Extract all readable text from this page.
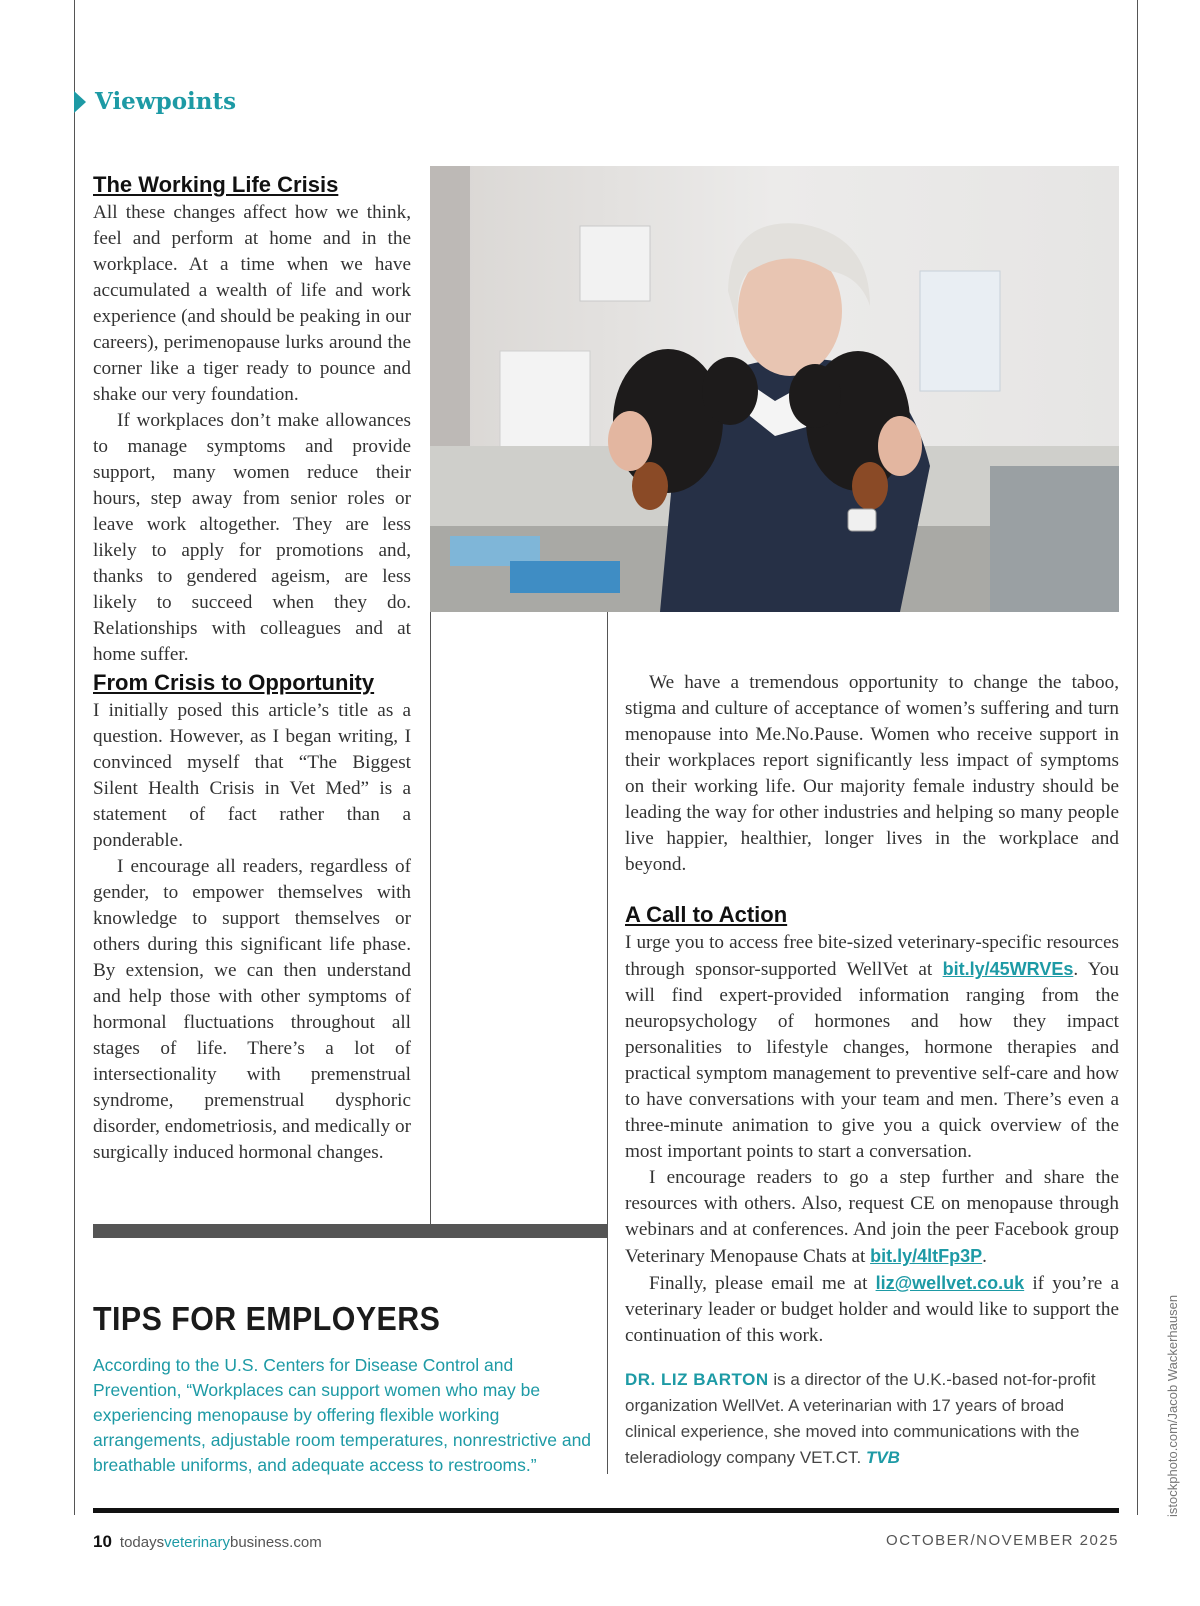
Viewpoints
The Working Life Crisis

All these changes affect how we think, feel and perform at home and in the workplace. At a time when we have accumulated a wealth of life and work experience (and should be peaking in our careers), perimenopause lurks around the corner like a tiger ready to pounce and shake our very foundation.

If workplaces don’t make allowances to manage symptoms and provide support, many women reduce their hours, step away from senior roles or leave work altogether. They are less likely to apply for promotions and, thanks to gendered ageism, are less likely to succeed when they do. Relationships with colleagues and at home suffer.

From Crisis to Opportunity

I initially posed this article’s title as a question. However, as I began writing, I convinced myself that “The Biggest Silent Health Crisis in Vet Med” is a statement of fact rather than a ponderable.

I encourage all readers, regardless of gender, to empower themselves with knowledge to support themselves or others during this significant life phase. By extension, we can then understand and help those with other symptoms of hormonal fluctuations throughout all stages of life. There’s a lot of intersectionality with premenstrual syndrome, premenstrual dysphoric disorder, endometriosis, and medically or surgically induced hormonal changes.

We have a tremendous opportunity to change the taboo, stigma and culture of acceptance of women’s suffering and turn menopause into Me.No.Pause. Women who receive support in their workplaces report significantly less impact of symptoms on their working life. Our majority female industry should be leading the way for other industries and helping so many people live happier, healthier, longer lives in the workplace and beyond.

A Call to Action

I urge you to access free bite-sized veterinary-specific resources through sponsor-supported WellVet at bit.ly/45WRVEs. You will find expert-provided information ranging from the neuropsychology of hormones and how they impact personalities to lifestyle changes, hormone therapies and practical symptom management to preventive self-care and how to have conversations with your team and men. There’s even a three-minute animation to give you a quick overview of the most important points to start a conversation.

I encourage readers to go a step further and share the resources with others. Also, request CE on menopause through webinars and at conferences. And join the peer Facebook group Veterinary Menopause Chats at bit.ly/4ltFp3P.

Finally, please email me at liz@wellvet.co.uk if you’re a veterinary leader or budget holder and would like to support the continuation of this work.

DR. LIZ BARTON is a director of the U.K.-based not-for-profit organization WellVet. A veterinarian with 17 years of broad clinical experience, she moved into communications with the teleradiology company VET.CT. TVB
TIPS FOR EMPLOYERS

According to the U.S. Centers for Disease Control and Prevention, “Workplaces can support women who may be experiencing menopause by offering flexible working arrangements, adjustable room temperatures, nonrestrictive and breathable uniforms, and adequate access to restrooms.”	istockphoto.com/Jacob Wackerhausen
10 todaysveterinarybusiness.com	OCTOBER/NOVEMBER 2025
